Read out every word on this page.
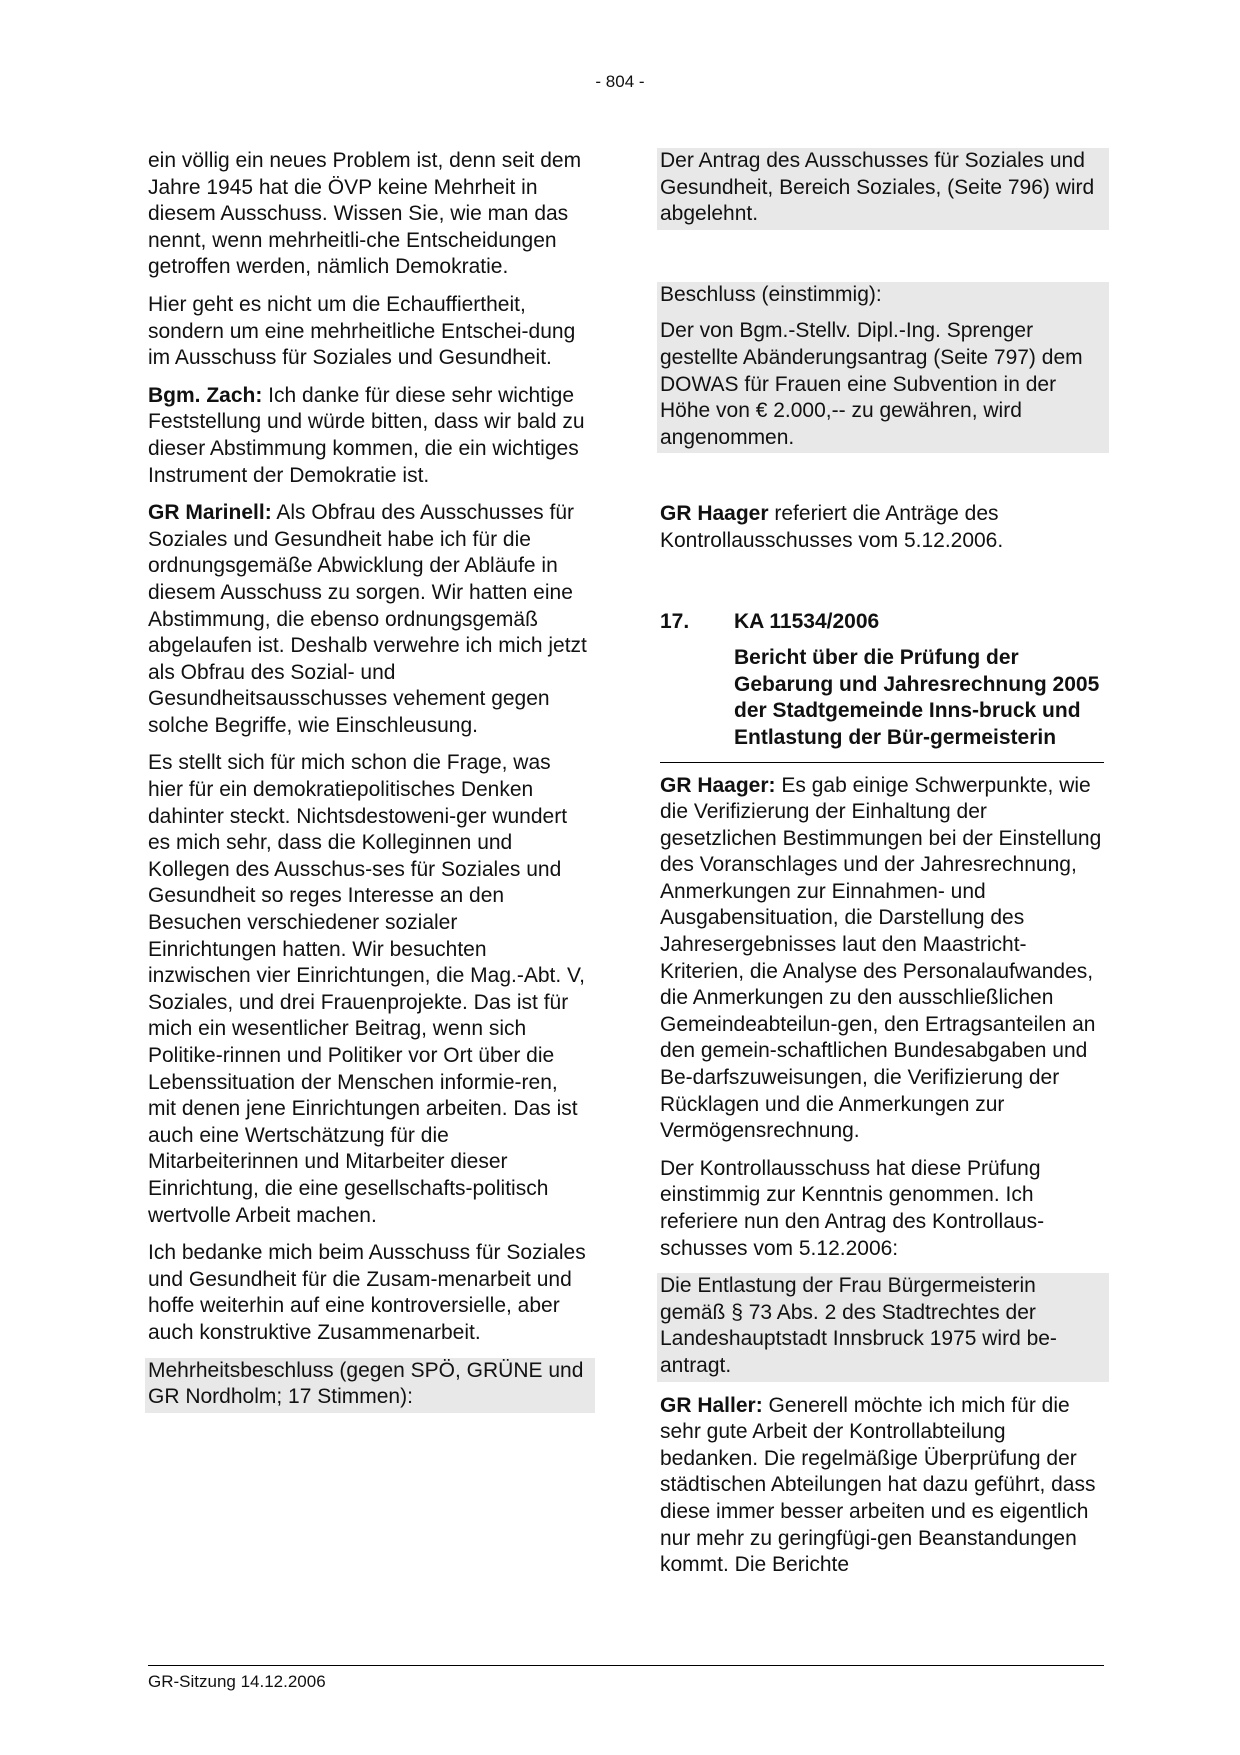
- 804 -

ein völlig ein neues Problem ist, denn seit dem Jahre 1945 hat die ÖVP keine Mehrheit in diesem Ausschuss. Wissen Sie, wie man das nennt, wenn mehrheitli-che Entscheidungen getroffen werden, nämlich Demokratie.

Hier geht es nicht um die Echauffiertheit, sondern um eine mehrheitliche Entschei-dung im Ausschuss für Soziales und Gesundheit.

Bgm. Zach: Ich danke für diese sehr wichtige Feststellung und würde bitten, dass wir bald zu dieser Abstimmung kommen, die ein wichtiges Instrument der Demokratie ist.

GR Marinell: Als Obfrau des Ausschusses für Soziales und Gesundheit habe ich für die ordnungsgemäße Abwicklung der Abläufe in diesem Ausschuss zu sorgen. Wir hatten eine Abstimmung, die ebenso ordnungsgemäß abgelaufen ist. Deshalb verwehre ich mich jetzt als Obfrau des Sozial- und Gesundheitsausschusses vehement gegen solche Begriffe, wie Einschleusung.

Es stellt sich für mich schon die Frage, was hier für ein demokratiepolitisches Denken dahinter steckt. Nichtsdestoweni-ger wundert es mich sehr, dass die Kolleginnen und Kollegen des Ausschus-ses für Soziales und Gesundheit so reges Interesse an den Besuchen verschiedener sozialer Einrichtungen hatten. Wir besuchten inzwischen vier Einrichtungen, die Mag.-Abt. V, Soziales, und drei Frauenprojekte. Das ist für mich ein wesentlicher Beitrag, wenn sich Politike-rinnen und Politiker vor Ort über die Lebenssituation der Menschen informie-ren, mit denen jene Einrichtungen arbeiten. Das ist auch eine Wertschätzung für die Mitarbeiterinnen und Mitarbeiter dieser Einrichtung, die eine gesellschafts-politisch wertvolle Arbeit machen.

Ich bedanke mich beim Ausschuss für Soziales und Gesundheit für die Zusam-menarbeit und hoffe weiterhin auf eine kontroversielle, aber auch konstruktive Zusammenarbeit.

Mehrheitsbeschluss (gegen SPÖ, GRÜNE und GR Nordholm; 17 Stimmen):

Der Antrag des Ausschusses für Soziales und Gesundheit, Bereich Soziales, (Seite 796) wird abgelehnt.

Beschluss (einstimmig):

Der von Bgm.-Stellv. Dipl.-Ing. Sprenger gestellte Abänderungsantrag (Seite 797) dem DOWAS für Frauen eine Subvention in der Höhe von € 2.000,-- zu gewähren, wird angenommen.

GR Haager referiert die Anträge des Kontrollausschusses vom 5.12.2006.

17.	KA 11534/2006
Bericht über die Prüfung der Gebarung und Jahresrechnung 2005 der Stadtgemeinde Inns-bruck und Entlastung der Bür-germeisterin

GR Haager: Es gab einige Schwerpunkte, wie die Verifizierung der Einhaltung der gesetzlichen Bestimmungen bei der Einstellung des Voranschlages und der Jahresrechnung, Anmerkungen zur Einnahmen- und Ausgabensituation, die Darstellung des Jahresergebnisses laut den Maastricht-Kriterien, die Analyse des Personalaufwandes, die Anmerkungen zu den ausschließlichen Gemeindeabteilun-gen, den Ertragsanteilen an den gemein-schaftlichen Bundesabgaben und Be-darfszuweisungen, die Verifizierung der Rücklagen und die Anmerkungen zur Vermögensrechnung.

Der Kontrollausschuss hat diese Prüfung einstimmig zur Kenntnis genommen. Ich referiere nun den Antrag des Kontrollaus-schusses vom 5.12.2006:

Die Entlastung der Frau Bürgermeisterin gemäß § 73 Abs. 2 des Stadtrechtes der Landeshauptstadt Innsbruck 1975 wird be-antragt.

GR Haller: Generell möchte ich mich für die sehr gute Arbeit der Kontrollabteilung bedanken. Die regelmäßige Überprüfung der städtischen Abteilungen hat dazu geführt, dass diese immer besser arbeiten und es eigentlich nur mehr zu geringfügi-gen Beanstandungen kommt. Die Berichte

GR-Sitzung 14.12.2006
